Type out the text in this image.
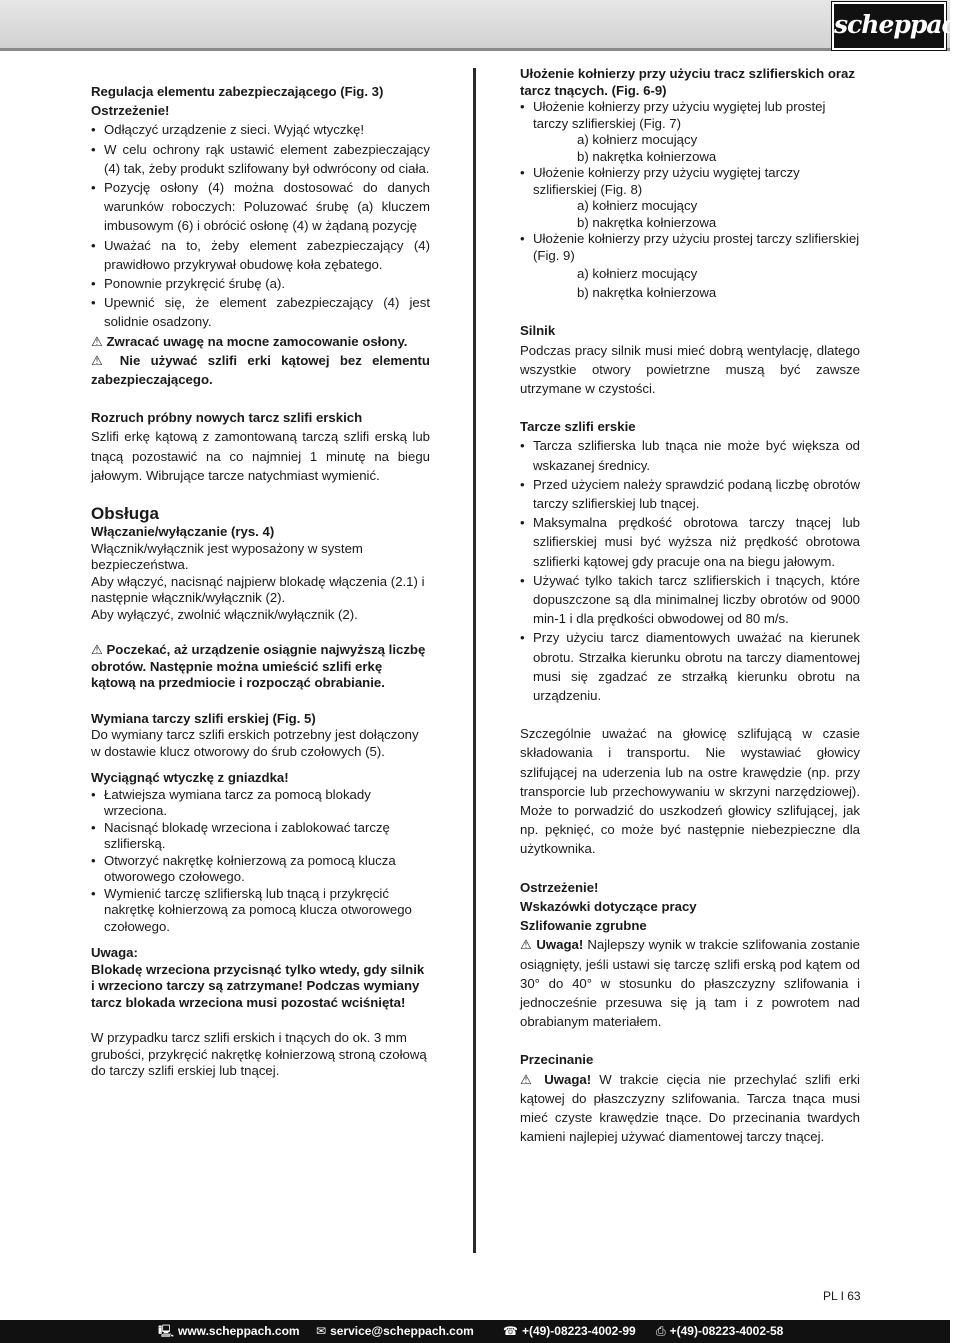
scheppach

Regulacja elementu zabezpieczającego (Fig. 3)

Ostrzeżenie!

• Odłączyć urządzenie z sieci. Wyjąć wtyczkę!
• W celu ochrony rąk ustawić element zabezpieczający (4) tak, żeby produkt szlifowany był odwrócony od ciała.
• Pozycję osłony (4) można dostosować do danych warunków roboczych: Poluzować śrubę (a) kluczem imbusowym (6) i obrócić osłonę (4) w żądaną pozycję
• Uważać na to, żeby element zabezpieczający (4) prawidłowo przykrywał obudowę koła zębatego.
• Ponownie przykręcić śrubę (a).
• Upewnić się, że element zabezpieczający (4) jest solidnie osadzony.

⚠ Zwracać uwagę na mocne zamocowanie osłony.

⚠ Nie używać szlifi erki kątowej bez elementu zabezpieczającego.

Rozruch próbny nowych tarcz szlifi erskich

Szlifi erkę kątową z zamontowaną tarczą szlifi erską lub tnącą pozostawić na co najmniej 1 minutę na biegu jałowym. Wibrujące tarcze natychmiast wymienić.

Obsługa

Włączanie/wyłączanie (rys. 4)

Włącznik/wyłącznik jest wyposażony w system bezpieczeństwa.

Aby włączyć, nacisnąć najpierw blokadę włączenia (2.1) i następnie włącznik/wyłącznik (2).

Aby wyłączyć, zwolnić włącznik/wyłącznik (2).

⚠ Poczekać, aż urządzenie osiągnie najwyższą liczbę obrotów. Następnie można umieścić szlifi erkę kątową na przedmiocie i rozpocząć obrabianie.

Wymiana tarczy szlifi erskiej (Fig. 5)

Do wymiany tarcz szlifi erskich potrzebny jest dołączony w dostawie klucz otworowy do śrub czołowych (5).

Wyciągnąć wtyczkę z gniazdka!

• Łatwiejsza wymiana tarcz za pomocą blokady wrzeciona.
• Nacisnąć blokadę wrzeciona i zablokować tarczę szlifierską.
• Otworzyć nakrętkę kołnierzową za pomocą klucza otworowego czołowego.
• Wymienić tarczę szlifierską lub tnącą i przykręcić nakrętkę kołnierzową za pomocą klucza otworowego czołowego.

Uwaga:

Blokadę wrzeciona przycisnąć tylko wtedy, gdy silnik i wrzeciono tarczy są zatrzymane! Podczas wymiany tarcz blokada wrzeciona musi pozostać wciśnięta!

W przypadku tarcz szlifi erskich i tnących do ok. 3 mm grubości, przykręcić nakrętkę kołnierzową stroną czołową do tarczy szlifi erskiej lub tnącej.

Ułożenie kołnierzy przy użyciu tracz szlifierskich oraz tarcz tnących. (Fig. 6-9)

• Ułożenie kołnierzy przy użyciu wygiętej lub prostej tarczy szlifierskiej (Fig. 7)

a) kołnierz mocujący

b) nakrętka kołnierzowa

• Ułożenie kołnierzy przy użyciu wygiętej tarczy szlifierskiej (Fig. 8)

a) kołnierz mocujący

b) nakrętka kołnierzowa

• Ułożenie kołnierzy przy użyciu prostej tarczy szlifierskiej (Fig. 9)

a) kołnierz mocujący

b) nakrętka kołnierzowa

Silnik

Podczas pracy silnik musi mieć dobrą wentylację, dlatego wszystkie otwory powietrzne muszą być zawsze utrzymane w czystości.

Tarcze szlifi erskie

• Tarcza szlifierska lub tnąca nie może być większa od wskazanej średnicy.
• Przed użyciem należy sprawdzić podaną liczbę obrotów tarczy szlifierskiej lub tnącej.
• Maksymalna prędkość obrotowa tarczy tnącej lub szlifierskiej musi być wyższa niż prędkość obrotowa szlifierki kątowej gdy pracuje ona na biegu jałowym.
• Używać tylko takich tarcz szlifierskich i tnących, które dopuszczone są dla minimalnej liczby obrotów od 9000 min-1 i dla prędkości obwodowej od 80 m/s.
• Przy użyciu tarcz diamentowych uważać na kierunek obrotu. Strzałka kierunku obrotu na tarczy diamentowej musi się zgadzać ze strzałką kierunku obrotu na urządzeniu.

Szczególnie uważać na głowicę szlifującą w czasie składowania i transportu. Nie wystawiać głowicy szlifującej na uderzenia lub na ostre krawędzie (np. przy transporcie lub przechowywaniu w skrzyni narzędziowej). Może to porwadzić do uszkodzeń głowicy szlifującej, jak np. pęknięć, co może być następnie niebezpieczne dla użytkownika.

Ostrzeżenie!

Wskazówki dotyczące pracy

Szlifowanie zgrubne

⚠ Uwaga! Najlepszy wynik w trakcie szlifowania zostanie osiągnięty, jeśli ustawi się tarczę szlifi erską pod kątem od 30° do 40° w stosunku do płaszczyzny szlifowania i jednocześnie przesuwa się ją tam i z powrotem nad obrabianym materiałem.

Przecinanie

⚠ Uwaga! W trakcie cięcia nie przechylać szlifi erki kątowej do płaszczyzny szlifowania. Tarcza tnąca musi mieć czyste krawędzie tnące. Do przecinania twardych kamieni najlepiej używać diamentowej tarczy tnącej.

PL I 63
🖳 www.scheppach.com ✉ service@scheppach.com ☎ +(49)-08223-4002-99 ⎙ +(49)-08223-4002-58
